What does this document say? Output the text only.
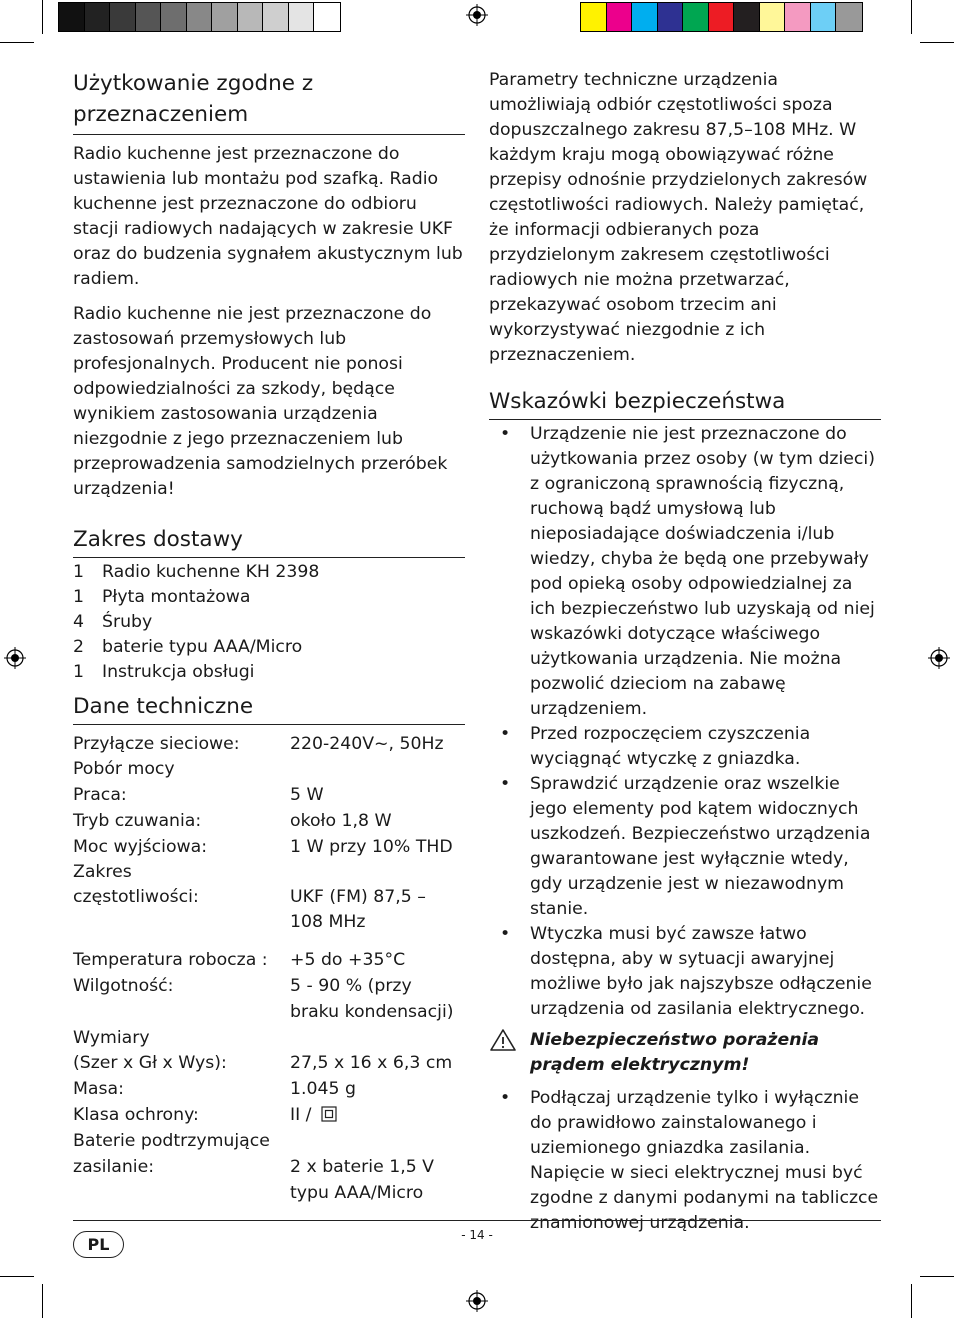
Użytkowanie zgodne z przeznaczeniem

Radio kuchenne jest przeznaczone do ustawienia lub montażu pod szafką. Radio kuchenne jest przeznaczone do odbioru stacji radiowych nadających w zakresie UKF oraz do budzenia sygnałem akustycznym lub radiem.

Radio kuchenne nie jest przeznaczone do zastosowań przemysłowych lub profesjonalnych. Producent nie ponosi odpowiedzialności za szkody, będące wynikiem zastosowania urządzenia niezgodnie z jego przeznaczeniem lub przeprowadzenia samodzielnych przeróbek urządzenia!

Zakres dostawy
1	Radio kuchenne KH 2398
1	Płyta montażowa
4	Śruby
2	baterie typu AAA/Micro
1	Instrukcja obsługi
Dane techniczne
Przyłącze sieciowe:	220-240V~, 50Hz
Pobór mocy
Praca:	5 W
Tryb czuwania:	około 1,8 W
Moc wyjściowa:	1 W przy 10% THD
Zakres
częstotliwości:	UKF (FM) 87,5 –
108 MHz
Temperatura robocza :	+5 do +35°C
Wilgotność:	5 - 90 % (przy
braku kondensacji)
Wymiary
(Szer x Gł x Wys):	27,5 x 16 x 6,3 cm
Masa:	1.045 g
Klasa ochrony:	II /
Baterie podtrzymujące
zasilanie:	2 x baterie 1,5 V
typu AAA/Micro

Parametry techniczne urządzenia umożliwiają odbiór częstotliwości spoza dopuszczalnego zakresu 87,5–108 MHz. W każdym kraju mogą obowiązywać różne przepisy odnośnie przydzielonych zakresów częstotliwości radiowych. Należy pamiętać, że informacji odbieranych poza przydzielonym zakresem częstotliwości radiowych nie można przetwarzać, przekazywać osobom trzecim ani wykorzystywać niezgodnie z ich przeznaczeniem.

Wskazówki bezpieczeństwa
•	Urządzenie nie jest przeznaczone do użytkowania przez osoby (w tym dzieci) z ograniczoną sprawnością fizyczną, ruchową bądź umysłową lub nieposiadające doświadczenia i/lub wiedzy, chyba że będą one przebywały pod opieką osoby odpowiedzialnej za ich bezpieczeństwo lub uzyskają od niej wskazówki dotyczące właściwego użytkowania urządzenia. Nie można pozwolić dzieciom na zabawę urządzeniem.
•	Przed rozpoczęciem czyszczenia wyciągnąć wtyczkę z gniazdka.
•	Sprawdzić urządzenie oraz wszelkie jego elementy pod kątem widocznych uszkodzeń. Bezpieczeństwo urządzenia gwarantowane jest wyłącznie wtedy, gdy urządzenie jest w niezawodnym stanie.
•	Wtyczka musi być zawsze łatwo dostępna, aby w sytuacji awaryjnej możliwe było jak najszybsze odłączenie urządzenia od zasilania elektrycznego.
Niebezpieczeństwo porażenia prądem elektrycznym!
•	Podłączaj urządzenie tylko i wyłącznie do prawidłowo zainstalowanego i uziemionego gniazdka zasilania. Napięcie w sieci elektrycznej musi być zgodne z danymi podanymi na tabliczce znamionowej urządzenia.
- 14 -
PL
